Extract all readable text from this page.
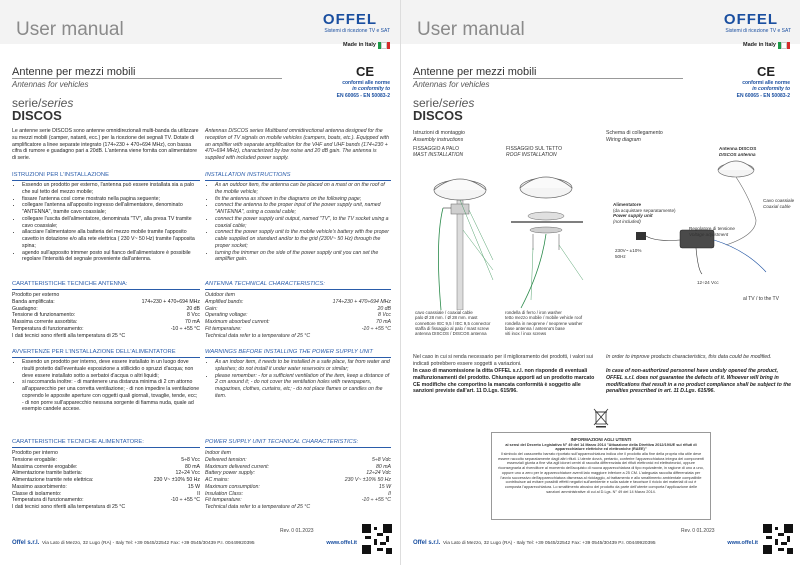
User manual	OFFEL
Sistemi di ricezione TV e SAT
Made in Italy
Antenne per mezzi mobili
Antennas for vehicles
serie/series
DISCOS
CE
conformi alle norme
in conformity to
EN 60065 - EN 50083-2
Le antenne serie DISCOS sono antenne omnidirezionali multi-banda da utilizzare su mezzi mobili (camper, natanti, ecc.) per la ricezione dei segnali TV. Dotate di amplificatore a linee separate integrato (174÷230 + 470÷694 MHz), con bassa cifra di rumore e guadagno pari a 20dB. L'antenna viene fornita con alimentatore di serie.
Antennas DISCOS series Multiband omnidirectional antenna designed for the reception of TV signals on mobile vehicles (campers, boats, etc.). Equipped with an amplifier with separate amplification for the VHF and UHF bands (174÷230 + 470÷694 MHz), characterized by low noise and 20 dB gain. The antenna is supplied with included power supply.
ISTRUZIONI PER L'INSTALLAZIONE	INSTALLATION INSTRUCTIONS
• Essendo un prodotto per esterno, l'antenna può essere installata sia a palo che sul tetto del mezzo mobile;
• fissare l'antenna così come mostrato nella pagina seguente;
• collegare l'antenna all'apposito ingresso dell'alimentatore, denominato "ANTENNA", tramite cavo coassiale;
• collegare l'uscita dell'alimentatore, denominata "TV", alla presa TV tramite cavo coassiale;
• allacciare l'alimentatore alla batteria del mezzo mobile tramite l'apposito cavetto in dotazione e/o alla rete elettrica ( 230 V~ 50 Hz) tramite l'apposita spina;
• agendo sull'apposito trimmer posto sul fianco dell'alimentatore è possibile regolare l'intensità del segnale proveniente dall'antenna.
• As an outdoor item, the antenna can be placed on a mast or on the roof of the mobile vehicle;
• fix the antenna as shown in the diagrams on the following page;
• connect the antenna to the proper input of the power supply unit, named "ANTENNA", using a coaxial cable;
• connect the power supply unit output, named "TV", to the TV socket using a coaxial cable;
• connect the power supply unit to the mobile vehicle's battery with the proper cable supplied on standard and/or to the grid (230V~ 50 Hz) through the proper socket;
• turning the trimmer on the side of the power supply unit you can set the amplifier gain.
CARATTERISTICHE TECNICHE ANTENNA:	ANTENNA TECHNICAL CHARACTERISTICS:
Prodotto per esterno
Banda amplificata:	174÷230 + 470÷694 MHz
Guadagno:	20 dB
Tensione di funzionamento:	8 Vcc
Massima corrente assorbita:	70 mA
Temperatura di funzionamento:	-10 ÷ +55 °C
I dati tecnici sono riferiti alla temperatura di 25 °C
Outdoor item
Amplified bands:	174÷230 + 470÷694 MHz
Gain:	20 dB
Operating voltage:	8 Vcc
Maximum absorbed current:	70 mA
Fit temperature:	-10 ÷ +55 °C
Technical data refer to a temperature of 25 °C
AVVERTENZE PER L'INSTALLAZIONE DELL'ALIMENTATORE	WARNINGS BEFORE INSTALLING THE POWER SUPPLY UNIT
• Essendo un prodotto per interno, deve essere installato in un luogo dove risulti protetto dall'eventuale esposizione a stillicidio o spruzzi d'acqua; non deve essere installato sotto a serbatoi d'acqua o altri liquidi;
• si raccomanda inoltre: - di mantenere una distanza minima di 2 cm attorno all'apparecchio per una corretta ventilazione; - di non impedire la ventilazione coprendo le apposite aperture con oggetti quali giornali, tovaglie, tende, ecc; - di non porre sull'apparecchio nessuna sorgente di fiamma nuda, quale ad esempio candele accese.
• As an indoor item, it needs to be installed in a safe place, far from water and splashes; do not install it under water reservoirs or similar;
• please remember: - for a sufficient ventilation of the item, keep a distance of 2 cm around it; - do not cover the ventilation holes with newspapers, magazines, clothes, curtains, etc; - do not place flames or candles on the item.
CARATTERISTICHE TECNICHE ALIMENTATORE:	POWER SUPPLY UNIT TECHNICAL CHARACTERISTICS:
Prodotto per interno
Tensione erogabile:	5÷8 Vcc
Massima corrente erogabile:	80 mA
Alimentazione tramite batteria:	12÷24 Vcc
Alimentazione tramite rete elettrica:	230 V~ ±10% 50 Hz
Massimo assorbimento:	15 W
Classe di isolamento:	II
Temperatura di funzionamento:	-10 ÷ +55 °C
I dati tecnici sono riferiti alla temperatura di 25 °C
Indoor item
Delivered tension:	5÷8 Vdc
Maximum delivered current:	80 mA
Battery power supply:	12÷24 Vdc
AC mains:	230 V~ ±10% 50 Hz
Maximum consumption:	15 W
Insulation Class:	II
Fit temperature:	-10 ÷ +55 °C
Technical data refer to a temperature of 25 °C
Rev. 0 01.2023
Offel s.r.l. Via Lato di Mezzo, 32 Lugo (RA) - Italy Tel: +39 0545/22542 Fax: +39 0545/30439 P.I. 00449920395	www.offel.it
User manual	OFFEL
Sistemi di ricezione TV e SAT
Made in Italy
Antenne per mezzi mobili
Antennas for vehicles
serie/series
DISCOS
CE
conformi alle norme
in conformity to
EN 60065 - EN 50083-2
Istruzioni di montaggio
Assembly instructions
Schema di collegamento
Wiring diagram
FISSAGGIO A PALO
MAST INSTALLATION
FISSAGGIO SUL TETTO
ROOF INSTALLATION
cavo coassiale / coaxial cable
palo Ø 28 mm. / Ø 28 mm. mast
connettore IEC 9,5 / IEC 9,5 connector
staffa di fissaggio al palo / mast screw
antenna DISCOS / DISCOS antenna
rondella di ferro / iron washer
tetto mezzo mobile / mobile vehicle roof
rondella in neoprene / neoprene washer
base antenna / antenna's base
viti inox / inox screws
Antenna DISCOS
DISCOS antenna
Alimentatore
(da acquistare separatamente)
Power supply unit
(not included)
Regolatore di tensione
Voltage adjustment
Cavo coassiale
Coaxial cable
230V~ ±10% 50Hz
12÷24 Vcc
al TV / to the TV
Nel caso in cui si renda necessario per il miglioramento dei prodotti, i valori sui indicati potrebbero essere soggetti a variazioni.
In order to improve products characteristics, this data could be modified.
In caso di manomissione la ditta OFFEL s.r.l. non risponde di eventuali malfunzionamenti del prodotto. Chiunque apporti ad un prodotto marcato CE modifiche che comportino la mancata conformità è soggetto alle sanzioni previste dall'art. 11 D.Lgs. 615/96.
In case of non-authorized personnel have unduly opened the product, OFFEL s.r.l. does not guarantee the defects of it. Whoever will bring in modifications that result in a no product compliance shall be subject to the penalties prescribed in art. 11 D.Lgs. 615/96.
INFORMAZIONI AGLI UTENTI
ai sensi del Decreto Legislativo N° 49 del 14 Marzo 2014 "Attuazione della Direttiva 2012/19/UE sui rifiuti di apparecchiature elettriche ed elettroniche (RAEE)"
Il simbolo del cassonetto barrato riportato sull'apparecchiatura indica che il prodotto alla fine della propria vita utile deve essere raccolto separatamente dagli altri rifiuti. L'utente dovrà, pertanto, conferire l'apparecchiatura integra dei componenti essenziali giunta a fine vita agli idonei centri di raccolta differenziata dei rifiuti elettronici ed elettrotecnici, oppure riconsegnarla al rivenditore al momento dell'acquisto di nuova apparecchiatura di tipo equivalente, in ragione di uno a uno, oppure uno a zero per le apparecchiature aventi lato maggiore inferiore a 25 CM. L'adeguata raccolta differenziata per l'avvio successivo dell'apparecchiatura dismessa al riciclaggio, al trattamento e allo smaltimento ambientale compatibile contribuisce ad evitare possibili effetti negativi sull'ambiente e sulla salute e favorisce il riciclo dei materiali di cui è composta l'apparecchiatura. Lo smaltimento abusivo del prodotto da parte dell'utente comporta l'applicazione delle sanzioni amministrative di cui al D.Lgs. N° 49 del 14 Marzo 2014.
Rev. 0 01.2023
Offel s.r.l. Via Lato di Mezzo, 32 Lugo (RA) - Italy Tel: +39 0545/22542 Fax: +39 0545/30439 P.I. 00449920395	www.offel.it
